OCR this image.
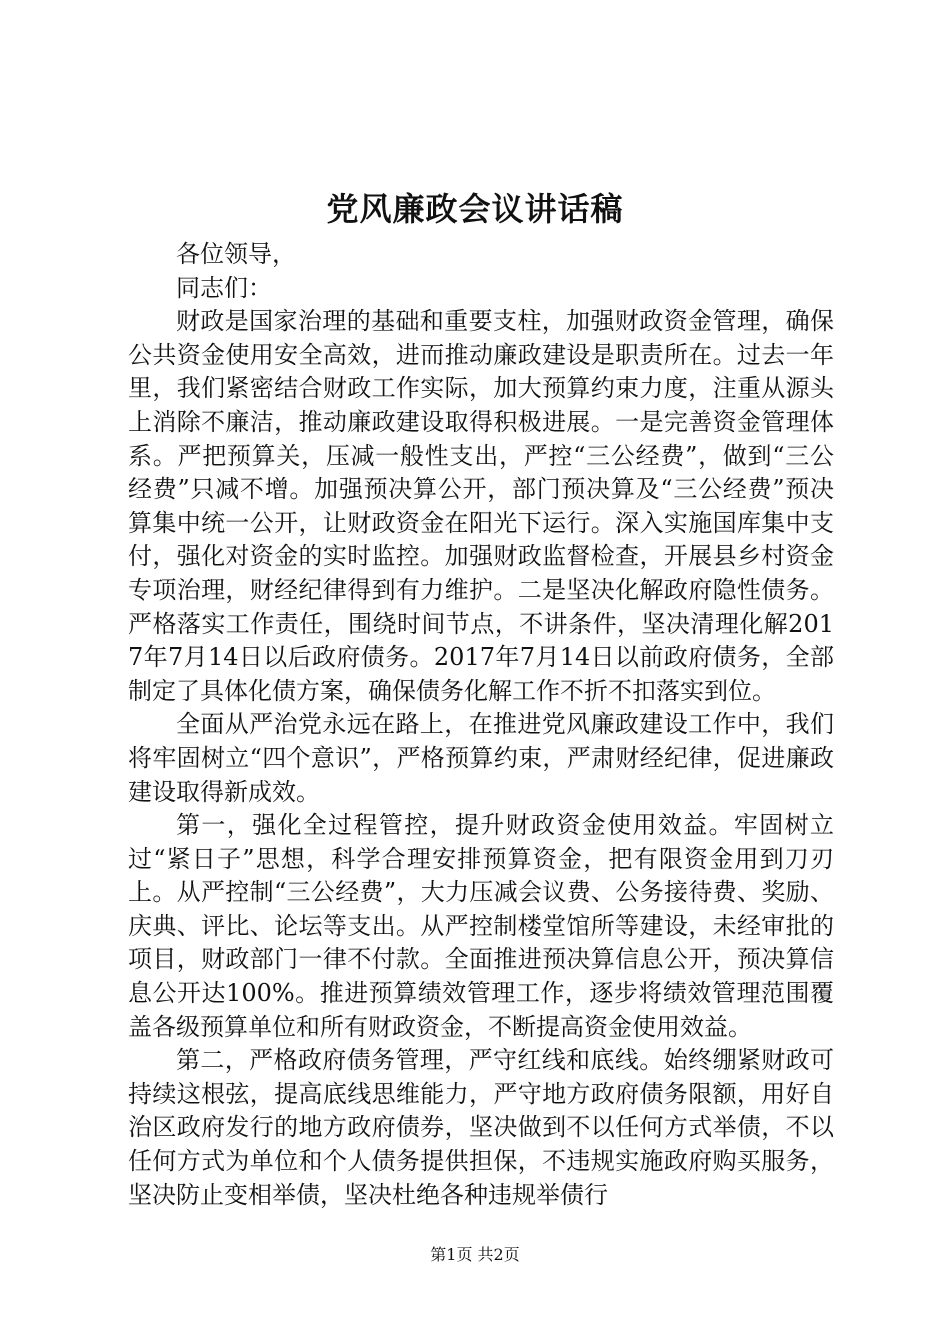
党风廉政会议讲话稿

各位领导，

同志们：

财政是国家治理的基础和重要支柱，加强财政资金管理，确保公共资金使用安全高效，进而推动廉政建设是职责所在。过去一年里，我们紧密结合财政工作实际，加大预算约束力度，注重从源头上消除不廉洁，推动廉政建设取得积极进展。一是完善资金管理体系。严把预算关，压减一般性支出，严控“三公经费”，做到“三公经费”只减不增。加强预决算公开，部门预决算及“三公经费”预决算集中统一公开，让财政资金在阳光下运行。深入实施国库集中支付，强化对资金的实时监控。加强财政监督检查，开展县乡村资金专项治理，财经纪律得到有力维护。二是坚决化解政府隐性债务。严格落实工作责任，围绕时间节点，不讲条件，坚决清理化解2017年7月14日以后政府债务。2017年7月14日以前政府债务，全部制定了具体化债方案，确保债务化解工作不折不扣落实到位。

全面从严治党永远在路上，在推进党风廉政建设工作中，我们将牢固树立“四个意识”，严格预算约束，严肃财经纪律，促进廉政建设取得新成效。

第一，强化全过程管控，提升财政资金使用效益。牢固树立过“紧日子”思想，科学合理安排预算资金，把有限资金用到刀刃上。从严控制“三公经费”，大力压减会议费、公务接待费、奖励、庆典、评比、论坛等支出。从严控制楼堂馆所等建设，未经审批的项目，财政部门一律不付款。全面推进预决算信息公开，预决算信息公开达100%。推进预算绩效管理工作，逐步将绩效管理范围覆盖各级预算单位和所有财政资金，不断提高资金使用效益。

第二，严格政府债务管理，严守红线和底线。始终绷紧财政可持续这根弦，提高底线思维能力，严守地方政府债务限额，用好自治区政府发行的地方政府债券，坚决做到不以任何方式举债，不以任何方式为单位和个人债务提供担保，不违规实施政府购买服务，坚决防止变相举债，坚决杜绝各种违规举债行

第1页 共2页
